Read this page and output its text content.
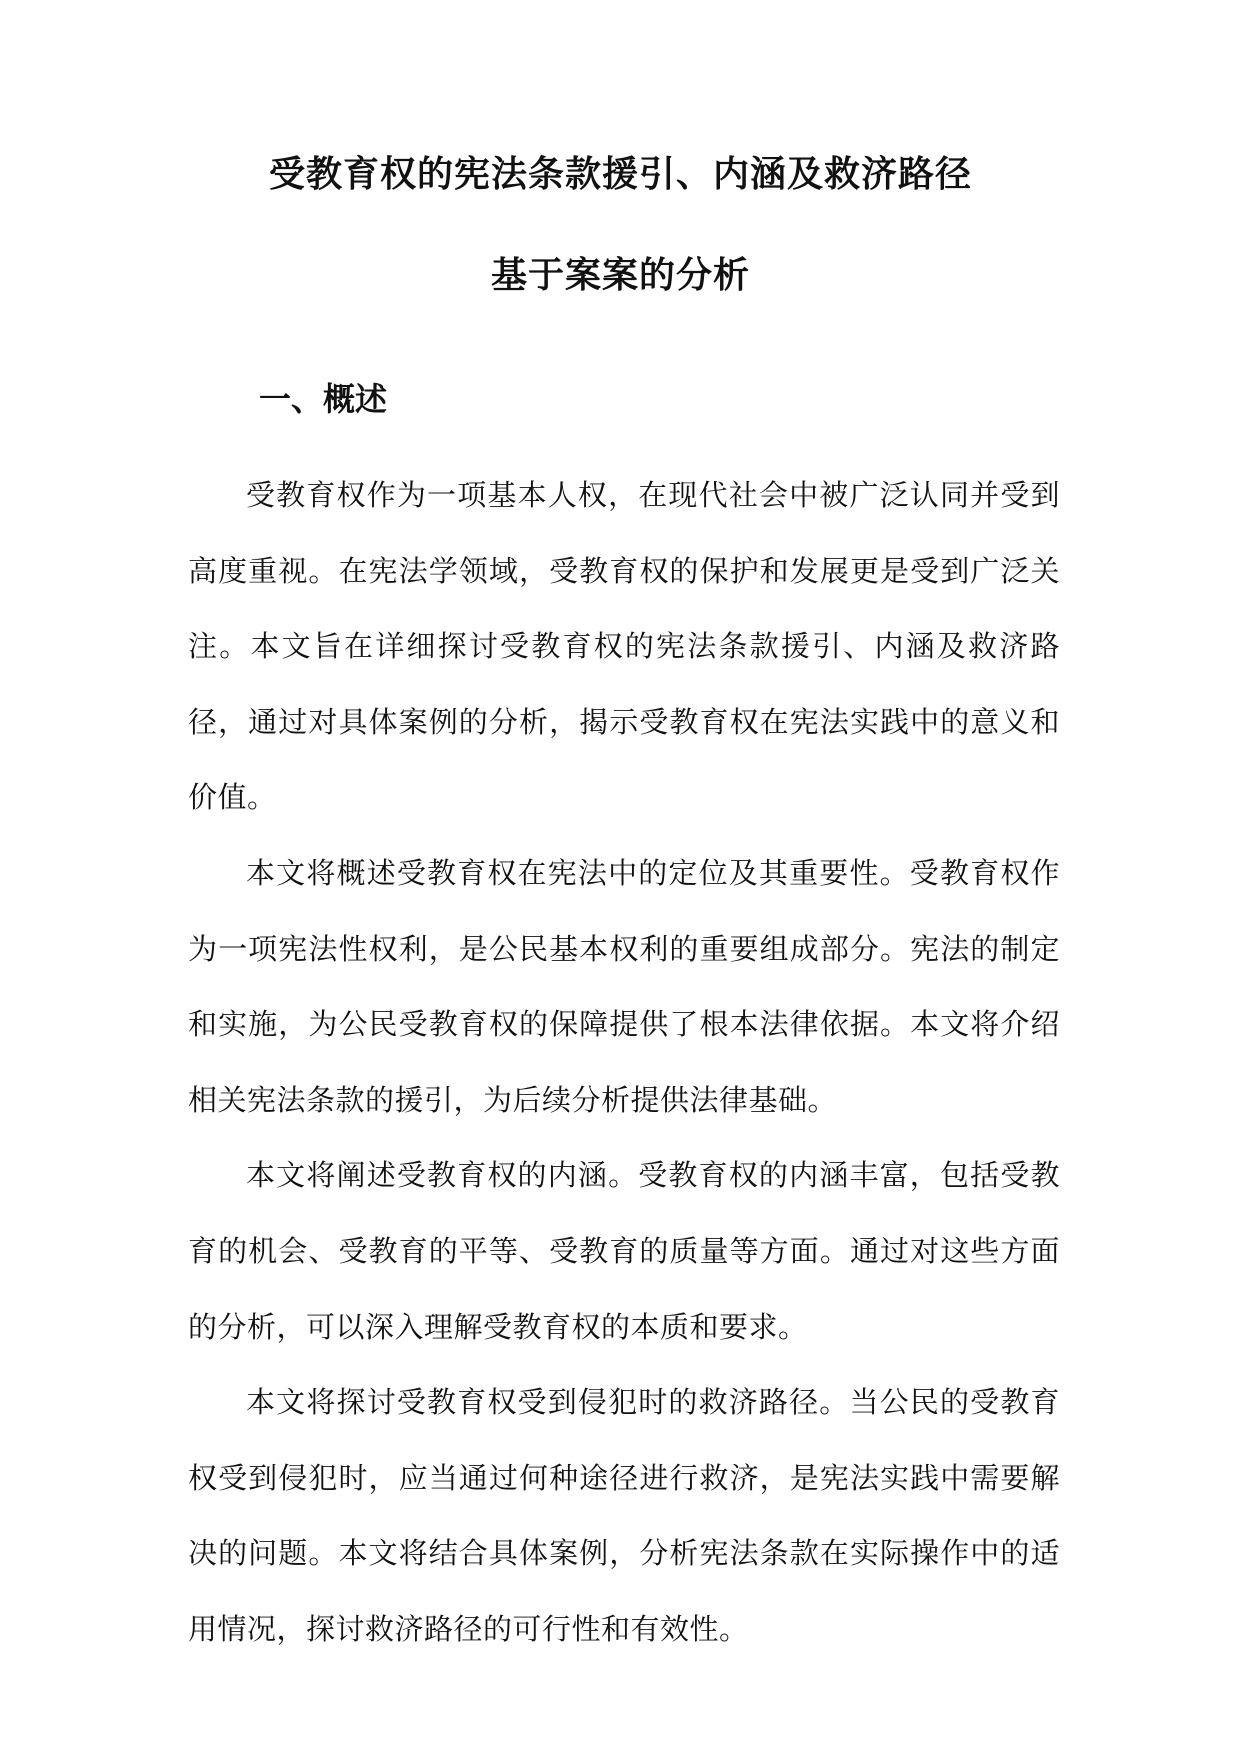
受教育权的宪法条款援引、内涵及救济路径
基于案案的分析
一、概述

受教育权作为一项基本人权，在现代社会中被广泛认同并受到高度重视。在宪法学领域，受教育权的保护和发展更是受到广泛关注。本文旨在详细探讨受教育权的宪法条款援引、内涵及救济路径，通过对具体案例的分析，揭示受教育权在宪法实践中的意义和价值。

本文将概述受教育权在宪法中的定位及其重要性。受教育权作为一项宪法性权利，是公民基本权利的重要组成部分。宪法的制定和实施，为公民受教育权的保障提供了根本法律依据。本文将介绍相关宪法条款的援引，为后续分析提供法律基础。

本文将阐述受教育权的内涵。受教育权的内涵丰富，包括受教育的机会、受教育的平等、受教育的质量等方面。通过对这些方面的分析，可以深入理解受教育权的本质和要求。

本文将探讨受教育权受到侵犯时的救济路径。当公民的受教育权受到侵犯时，应当通过何种途径进行救济，是宪法实践中需要解决的问题。本文将结合具体案例，分析宪法条款在实际操作中的适用情况，探讨救济路径的可行性和有效性。
